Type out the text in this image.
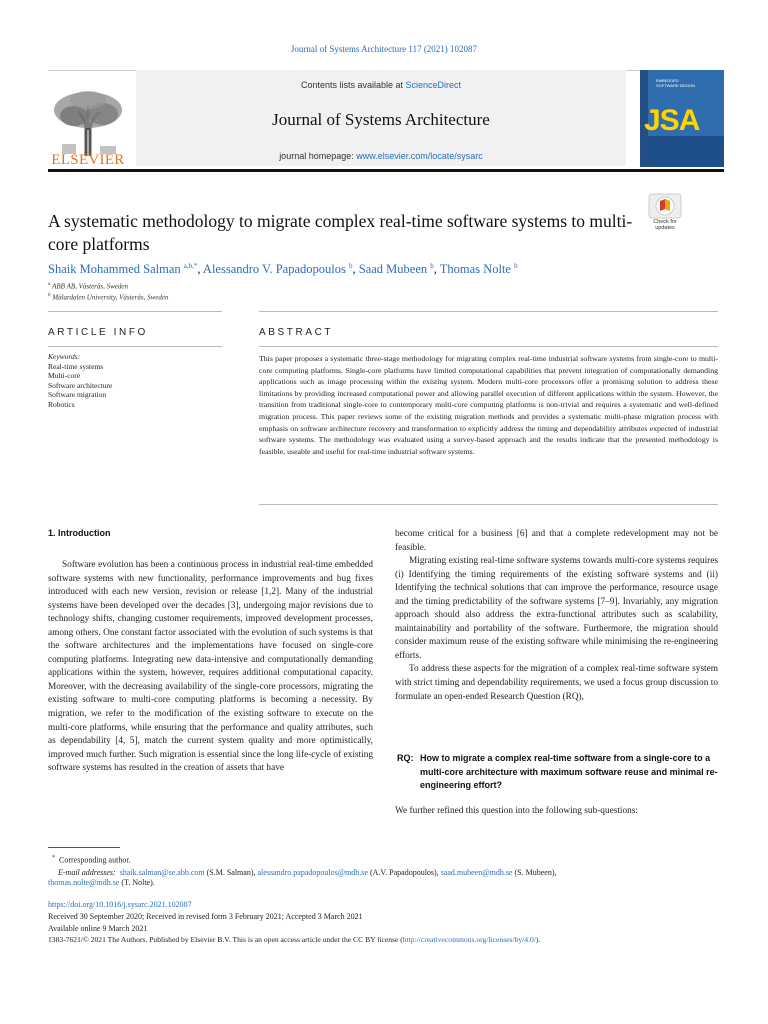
Journal of Systems Architecture 117 (2021) 102087
ELSEVIER
Contents lists available at ScienceDirect
Journal of Systems Architecture
journal homepage: www.elsevier.com/locate/sysarc
EMBEDDED SOFTWARE DESIGN
JSA
A systematic methodology to migrate complex real-time software systems to multi-core platforms
Check for
updates
Shaik Mohammed Salman $^{a,b,*}$, Alessandro V. Papadopoulos $^b$, Saad Mubeen $^b$, Thomas Nolte $^b$
$^a$ ABB AB, Västerås, Sweden
$^b$ Mälardalen University, Västerås, Sweden
ARTICLE INFO	ABSTRACT
Keywords:
Real-time systems
Multi-core
Software architecture
Software migration
Robotics
This paper proposes a systematic three-stage methodology for migrating complex real-time industrial software systems from single-core to multi-core computing platforms. Single-core platforms have limited computational capabilities that prevent integration of computationally demanding applications such as image processing within the existing system. Modern multi-core processors offer a promising solution to address these limitations by providing increased computational power and allowing parallel execution of different applications within the system. However, the transition from traditional single-core to contemporary multi-core computing platforms is non-trivial and requires a systematic and well-defined migration process. This paper reviews some of the existing migration methods and provides a systematic multi-phase migration process with emphasis on software architecture recovery and transformation to explicitly address the timing and dependability attributes expected of industrial software systems. The methodology was evaluated using a survey-based approach and the results indicate that the presented methodology is feasible, useable and useful for real-time industrial software systems.
1. Introduction

Software evolution has been a continuous process in industrial real-time embedded software systems with new functionality, performance improvements and bug fixes introduced with each new version, revision or release [1,2]. Many of the industrial systems have been developed over the decades [3], undergoing major revisions due to technology shifts, changing customer requirements, improved development processes, among others. One constant factor associated with the evolution of such systems is that the software architectures and the implementations have focused on single-core computing platforms. Integrating new data-intensive and computationally demanding applications within the system, however, requires additional computational capacity. Moreover, with the decreasing availability of the single-core processors, migrating the existing software to multi-core computing platforms is becoming a necessity. By migration, we refer to the modification of the existing software to execute on the multi-core platforms, while ensuring that the performance and quality attributes, such as dependability [4, 5], match the current system quality and more optimistically, improved much further. Such migration is essential since the long life-cycle of existing software systems has resulted in the creation of assets that have

become critical for a business [6] and that a complete redevelopment may not be feasible.

Migrating existing real-time software systems towards multi-core systems requires (i) Identifying the timing requirements of the existing software systems and (ii) Identifying the technical solutions that can improve the performance, resource usage and the timing predictability of the software systems [7–9]. Invariably, any migration approach should also address the extra-functional attributes such as scalability, maintainability and portability of the software. Furthermore, the migration should consider maximum reuse of the existing software while minimising the re-engineering efforts.

To address these aspects for the migration of a complex real-time software system with strict timing and dependability requirements, we used a focus group discussion to formulate an open-ended Research Question (RQ),

RQ: How to migrate a complex real-time software from a single-core to a multi-core architecture with maximum software reuse and minimal re-engineering effort?

We further refined this question into the following sub-questions:

* Corresponding author.
E-mail addresses: shaik.salman@se.abb.com (S.M. Salman), alessandro.papadopoulos@mdh.se (A.V. Papadopoulos), saad.mubeen@mdh.se (S. Mubeen),
thomas.nolte@mdh.se (T. Nolte).
https://doi.org/10.1016/j.sysarc.2021.102087
Received 30 September 2020; Received in revised form 3 February 2021; Accepted 3 March 2021
Available online 9 March 2021
1383-7621/© 2021 The Authors. Published by Elsevier B.V. This is an open access article under the CC BY license (http://creativecommons.org/licenses/by/4.0/).
